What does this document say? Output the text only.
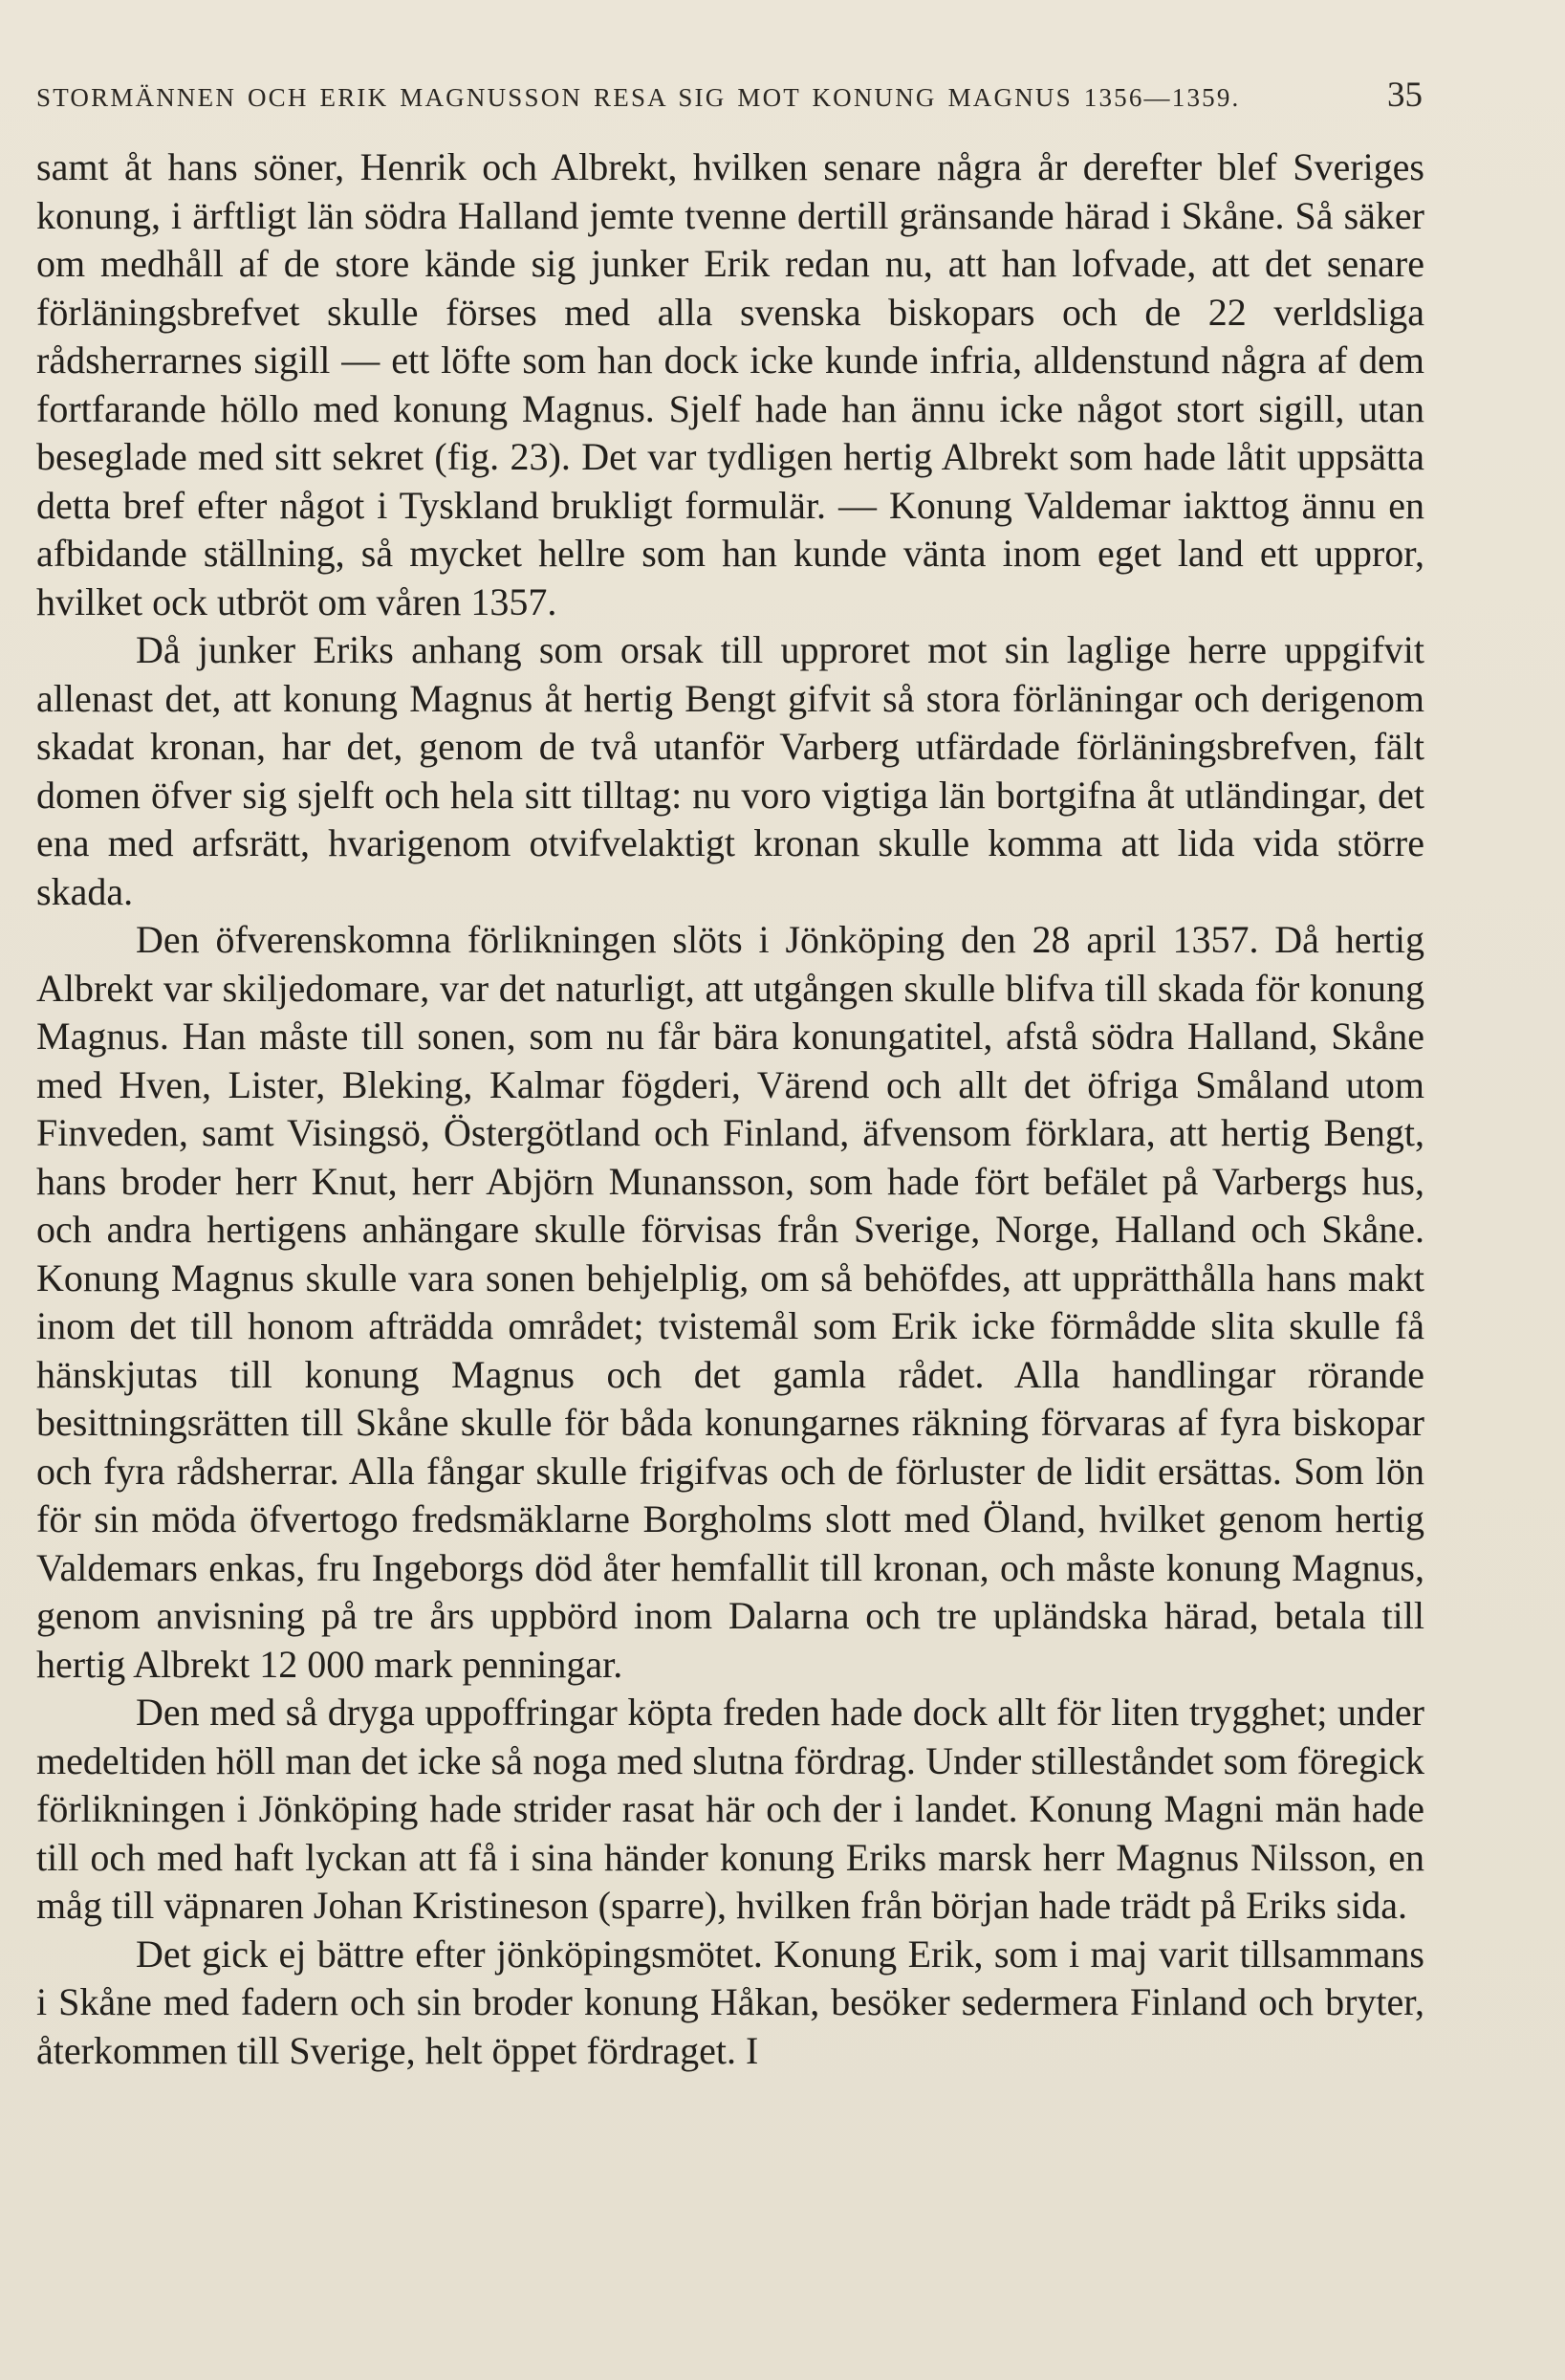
STORMÄNNEN OCH ERIK MAGNUSSON RESA SIG MOT KONUNG MAGNUS 1356—1359.	35

samt åt hans söner, Henrik och Albrekt, hvilken senare några år derefter blef Sveriges konung, i ärftligt län södra Halland jemte tvenne dertill gränsande härad i Skåne. Så säker om medhåll af de store kände sig junker Erik redan nu, att han lofvade, att det senare förläningsbrefvet skulle förses med alla svenska biskopars och de 22 verldsliga rådsherrarnes sigill — ett löfte som han dock icke kunde infria, alldenstund några af dem fortfarande höllo med konung Magnus. Sjelf hade han ännu icke något stort sigill, utan beseglade med sitt sekret (fig. 23). Det var tydligen hertig Albrekt som hade låtit uppsätta detta bref efter något i Tyskland brukligt formulär. — Konung Valdemar iakttog ännu en afbidande ställning, så mycket hellre som han kunde vänta inom eget land ett uppror, hvilket ock utbröt om våren 1357.

Då junker Eriks anhang som orsak till upproret mot sin laglige herre uppgifvit allenast det, att konung Magnus åt hertig Bengt gifvit så stora förläningar och derigenom skadat kronan, har det, genom de två utanför Varberg utfärdade förläningsbrefven, fält domen öfver sig sjelft och hela sitt tilltag: nu voro vigtiga län bortgifna åt utländingar, det ena med arfsrätt, hvarigenom otvifvelaktigt kronan skulle komma att lida vida större skada.

Den öfverenskomna förlikningen slöts i Jönköping den 28 april 1357. Då hertig Albrekt var skiljedomare, var det naturligt, att utgången skulle blifva till skada för konung Magnus. Han måste till sonen, som nu får bära konungatitel, afstå södra Halland, Skåne med Hven, Lister, Bleking, Kalmar fögderi, Värend och allt det öfriga Småland utom Finveden, samt Visingsö, Östergötland och Finland, äfvensom förklara, att hertig Bengt, hans broder herr Knut, herr Abjörn Munansson, som hade fört befälet på Varbergs hus, och andra hertigens anhängare skulle förvisas från Sverige, Norge, Halland och Skåne. Konung Magnus skulle vara sonen behjelplig, om så behöfdes, att upprätthålla hans makt inom det till honom afträdda området; tvistemål som Erik icke förmådde slita skulle få hänskjutas till konung Magnus och det gamla rådet. Alla handlingar rörande besittningsrätten till Skåne skulle för båda konungarnes räkning förvaras af fyra biskopar och fyra rådsherrar. Alla fångar skulle frigifvas och de förluster de lidit ersättas. Som lön för sin möda öfvertogo fredsmäklarne Borgholms slott med Öland, hvilket genom hertig Valdemars enkas, fru Ingeborgs död åter hemfallit till kronan, och måste konung Magnus, genom anvisning på tre års uppbörd inom Dalarna och tre upländska härad, betala till hertig Albrekt 12 000 mark penningar.

Den med så dryga uppoffringar köpta freden hade dock allt för liten trygghet; under medeltiden höll man det icke så noga med slutna fördrag. Under stilleståndet som föregick förlikningen i Jönköping hade strider rasat här och der i landet. Konung Magni män hade till och med haft lyckan att få i sina händer konung Eriks marsk herr Magnus Nilsson, en måg till väpnaren Johan Kristineson (sparre), hvilken från början hade trädt på Eriks sida.

Det gick ej bättre efter jönköpingsmötet. Konung Erik, som i maj varit tillsammans i Skåne med fadern och sin broder konung Håkan, besöker sedermera Finland och bryter, återkommen till Sverige, helt öppet fördraget. I
